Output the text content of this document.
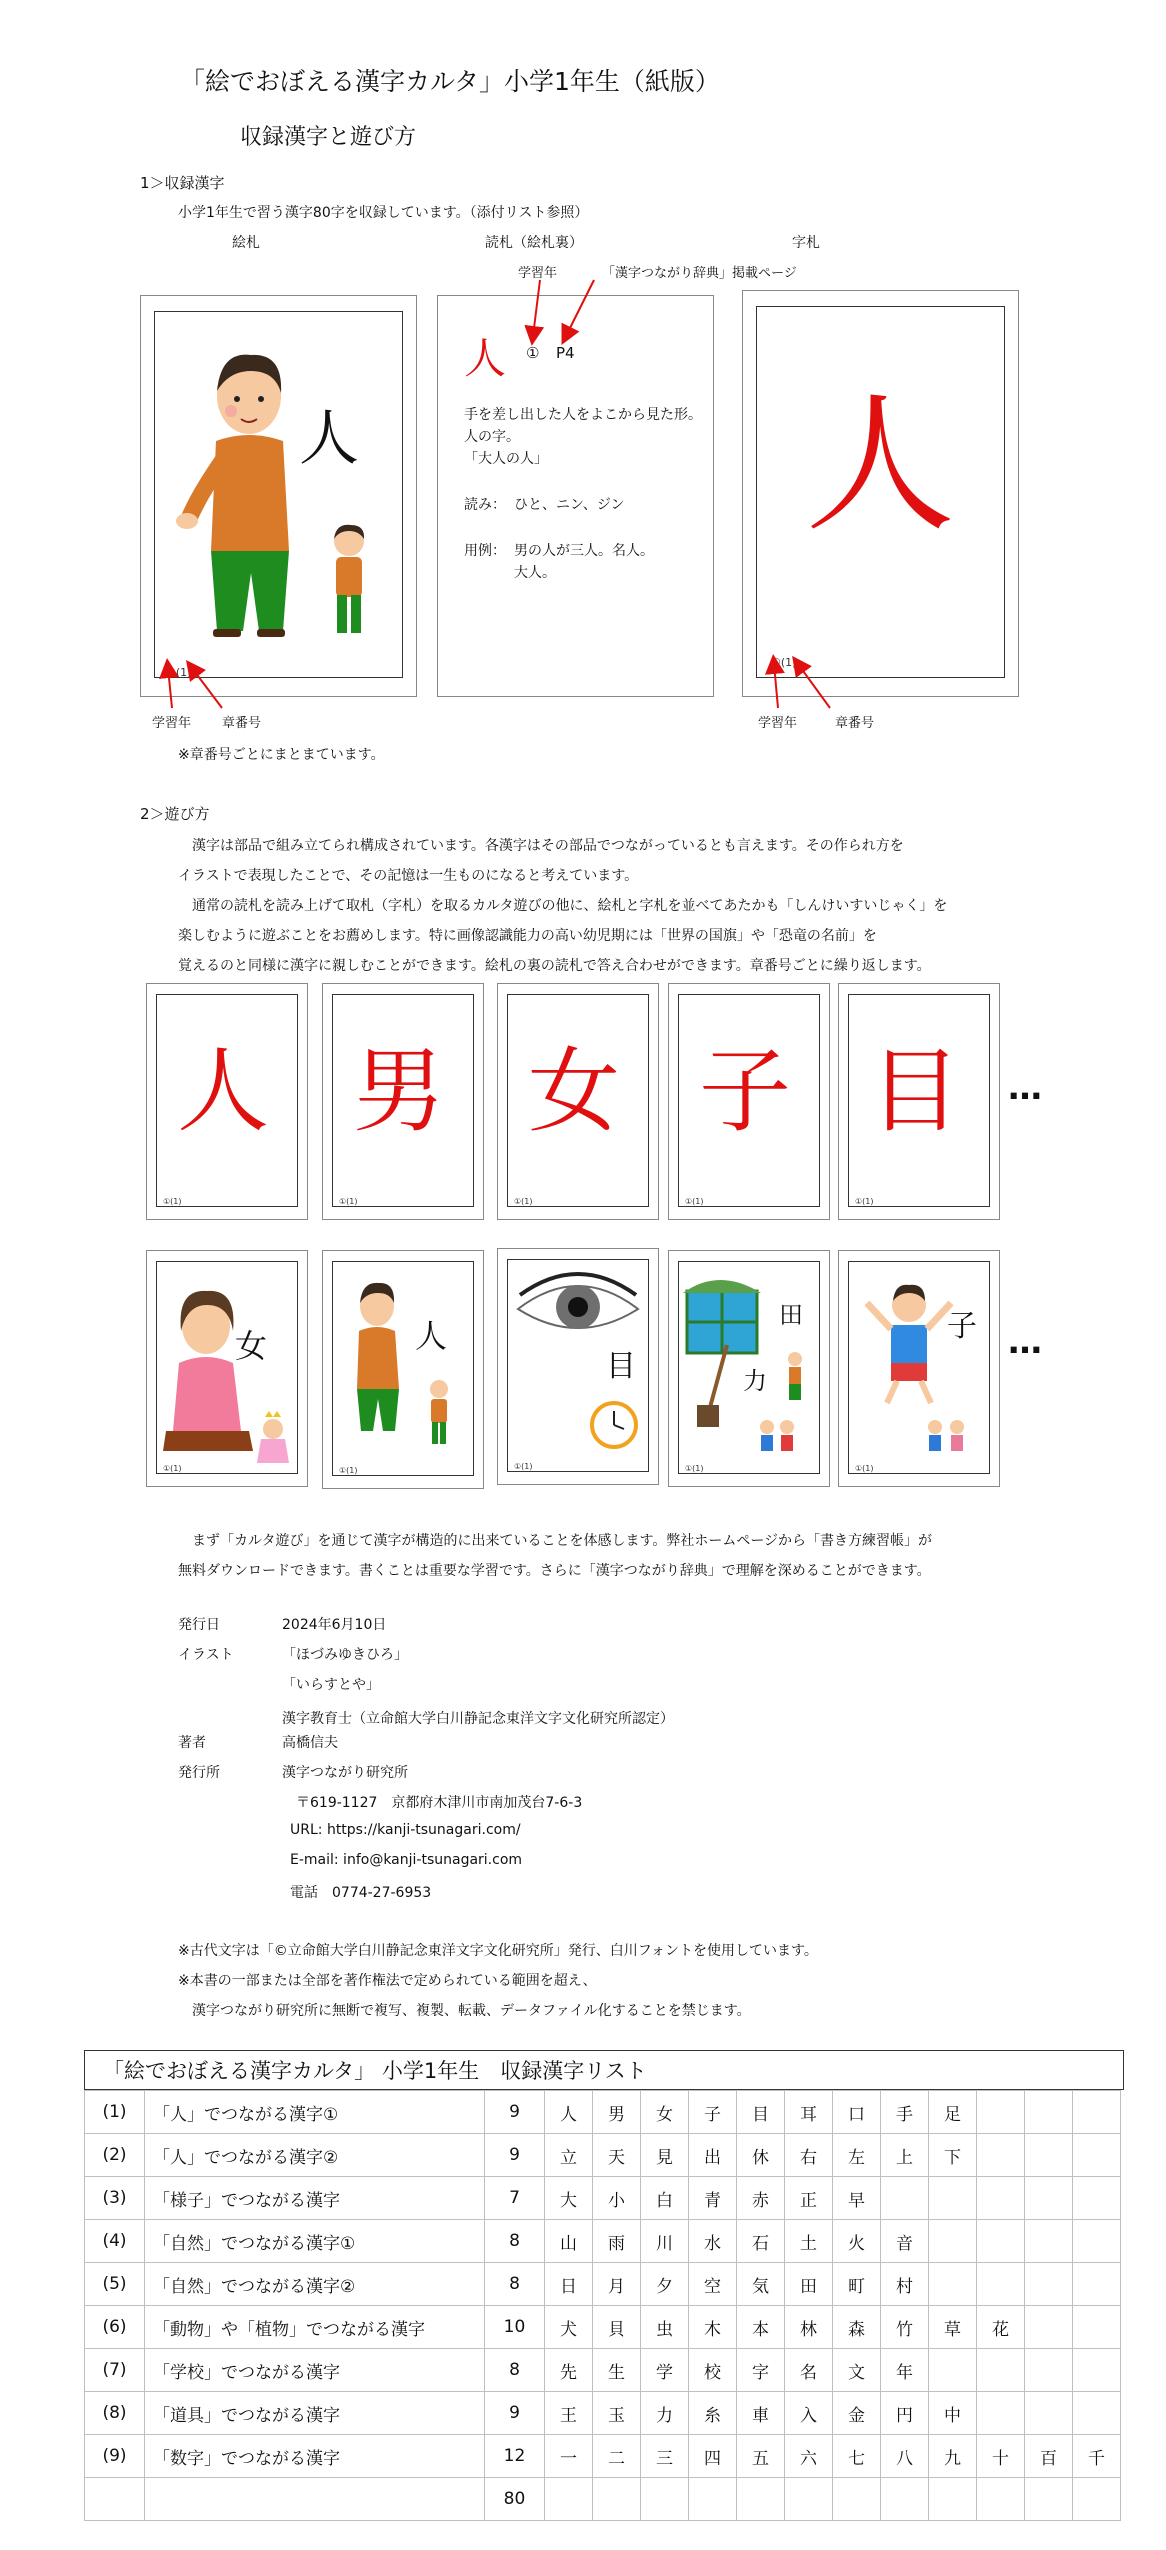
「絵でおぼえる漢字カルタ」小学1年生（紙版）
収録漢字と遊び方
1＞収録漢字
小学1年生で習う漢字80字を収録しています。（添付リスト参照）
絵札	読札（絵札裏）	字札
学習年	「漢字つながり辞典」掲載ページ
人
①(1)
人 ① P4
手を差し出した人をよこから見た形。
人の字。
「大人の人」
読み： ひと、ニン、ジン
用例： 男の人が三人。名人。
大人。
人
①(1)
学習年 章番号	学習年	章番号
※章番号ごとにまとまています。
2＞遊び方
漢字は部品で組み立てられ構成されています。各漢字はその部品でつながっているとも言えます。その作られ方を
イラストで表現したことで、その記憶は一生ものになると考えています。
通常の読札を読み上げて取札（字札）を取るカルタ遊びの他に、絵札と字札を並べてあたかも「しんけいすいじゃく」を
楽しむように遊ぶことをお薦めします。特に画像認識能力の高い幼児期には「世界の国旗」や「恐竜の名前」を
覚えるのと同様に漢字に親しむことができます。絵札の裏の読札で答え合わせができます。章番号ごとに繰り返します。
人
①(1)
男
①(1)
女
①(1)
子
①(1)
目
①(1)
…
女
①(1)
人
①(1)
目
①(1)
田
力
①(1)
子
①(1)
…
まず「カルタ遊び」を通じて漢字が構造的に出来ていることを体感します。弊社ホームページから「書き方練習帳」が
無料ダウンロードできます。書くことは重要な学習です。さらに「漢字つながり辞典」で理解を深めることができます。
発行日	2024年6月10日
イラスト	「ほづみゆきひろ」
「いらすとや」
漢字教育士（立命館大学白川静記念東洋文字文化研究所認定）
著者	高橋信夫
発行所	漢字つながり研究所
〒619-1127　京都府木津川市南加茂台7-6-3
URL: https://kanji-tsunagari.com/
E-mail: info@kanji-tsunagari.com
電話　0774-27-6953
※古代文字は「©立命館大学白川静記念東洋文字文化研究所」発行、白川フォントを使用しています。
※本書の一部または全部を著作権法で定められている範囲を超え、
漢字つながり研究所に無断で複写、複製、転載、データファイル化することを禁じます。
「絵でおぼえる漢字カルタ」 小学1年生　収録漢字リスト
(1)	「人」でつながる漢字①	9	人	男	女	子	目	耳	口	手	足			
(2)	「人」でつながる漢字②	9	立	天	見	出	休	右	左	上	下			
(3)	「様子」でつながる漢字	7	大	小	白	青	赤	正	早					
(4)	「自然」でつながる漢字①	8	山	雨	川	水	石	土	火	音				
(5)	「自然」でつながる漢字②	8	日	月	夕	空	気	田	町	村				
(6)	「動物」や「植物」でつながる漢字	10	犬	貝	虫	木	本	林	森	竹	草	花		
(7)	「学校」でつながる漢字	8	先	生	学	校	字	名	文	年				
(8)	「道具」でつながる漢字	9	王	玉	力	糸	車	入	金	円	中			
(9)	「数字」でつながる漢字	12	一	二	三	四	五	六	七	八	九	十	百	千
		80												
